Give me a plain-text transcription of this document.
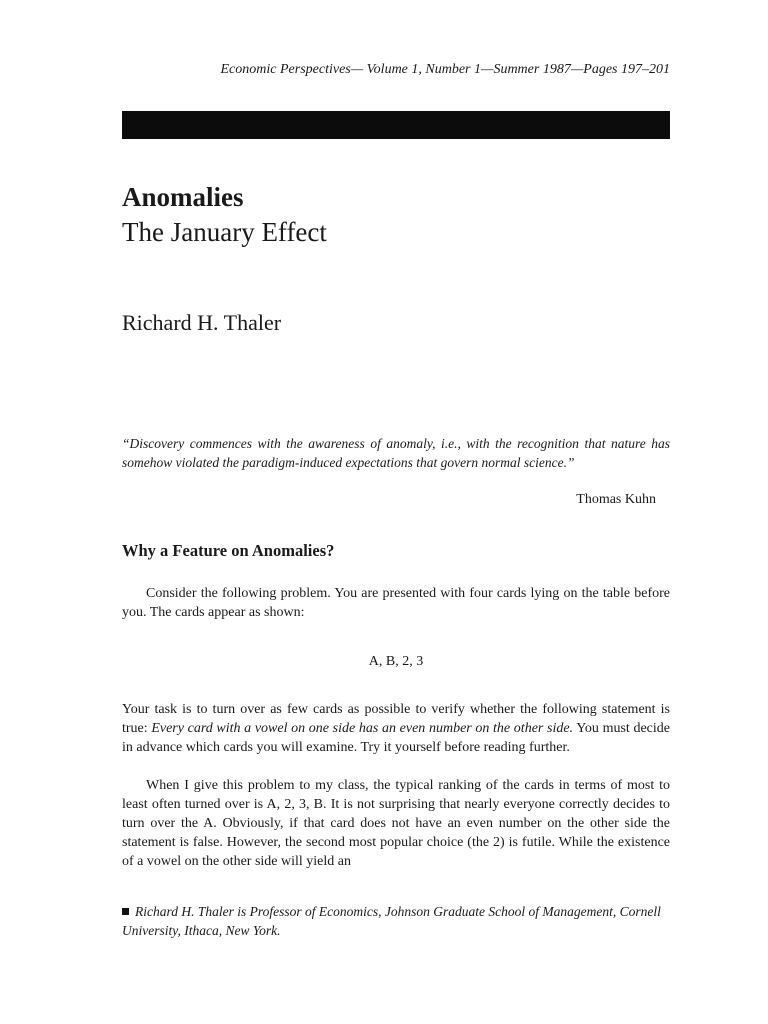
Economic Perspectives— Volume 1, Number 1—Summer 1987—Pages 197–201
Anomalies
The January Effect
Richard H. Thaler
“Discovery commences with the awareness of anomaly, i.e., with the recognition that nature has somehow violated the paradigm-induced expectations that govern normal science.”
Thomas Kuhn
Why a Feature on Anomalies?

Consider the following problem. You are presented with four cards lying on the table before you. The cards appear as shown:

A, B, 2, 3

Your task is to turn over as few cards as possible to verify whether the following statement is true: Every card with a vowel on one side has an even number on the other side. You must decide in advance which cards you will examine. Try it yourself before reading further.

When I give this problem to my class, the typical ranking of the cards in terms of most to least often turned over is A, 2, 3, B. It is not surprising that nearly everyone correctly decides to turn over the A. Obviously, if that card does not have an even number on the other side the statement is false. However, the second most popular choice (the 2) is futile. While the existence of a vowel on the other side will yield an

Richard H. Thaler is Professor of Economics, Johnson Graduate School of Management, Cornell University, Ithaca, New York.
